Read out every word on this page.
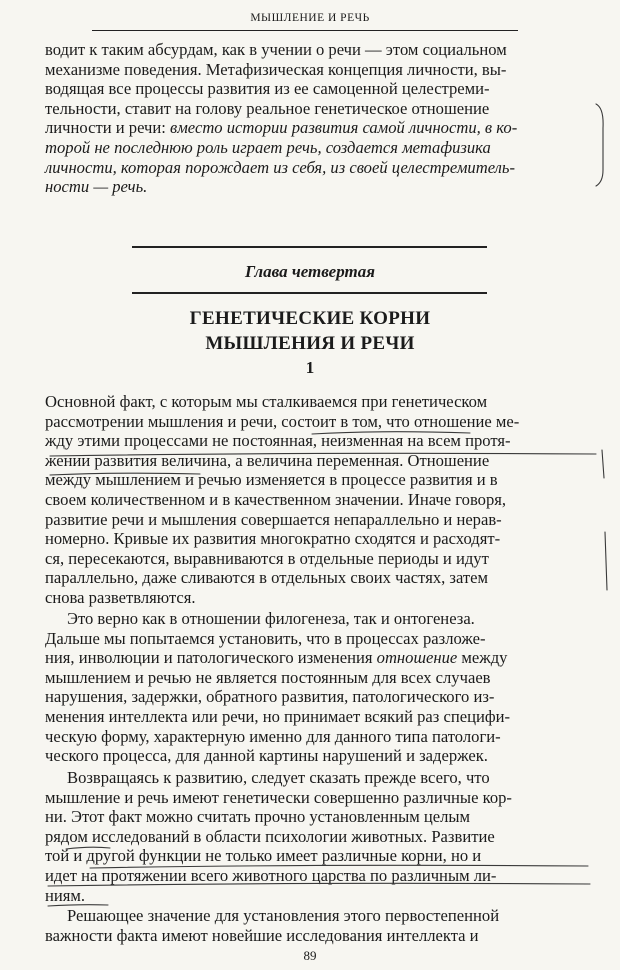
МЫШЛЕНИЕ И РЕЧЬ

водит к таким абсурдам, как в учении о речи — этом социальном

механизме поведения. Метафизическая концепция личности, вы-

водящая все процессы развития из ее самоценной целестреми-

тельности, ставит на голову реальное генетическое отношение

личности и речи: вместо истории развития самой личности, в ко-

торой не последнюю роль играет речь, создается метафизика

личности, которая порождает из себя, из своей целестремитель-

ности — речь.

Глава четвертая
ГЕНЕТИЧЕСКИЕ КОРНИ
МЫШЛЕНИЯ И РЕЧИ
1

Основной факт, с которым мы сталкиваемся при генетическом

рассмотрении мышления и речи, состоит в том, что отношение ме-

жду этими процессами не постоянная, неизменная на всем протя-

жении развития величина, а величина переменная. Отношение

между мышлением и речью изменяется в процессе развития и в

своем количественном и в качественном значении. Иначе говоря,

развитие речи и мышления совершается непараллельно и нерав-

номерно. Кривые их развития многократно сходятся и расходят-

ся, пересекаются, выравниваются в отдельные периоды и идут

параллельно, даже сливаются в отдельных своих частях, затем

снова разветвляются.

Это верно как в отношении филогенеза, так и онтогенеза.

Дальше мы попытаемся установить, что в процессах разложе-

ния, инволюции и патологического изменения отношение между

мышлением и речью не является постоянным для всех случаев

нарушения, задержки, обратного развития, патологического из-

менения интеллекта или речи, но принимает всякий раз специфи-

ческую форму, характерную именно для данного типа патологи-

ческого процесса, для данной картины нарушений и задержек.

Возвращаясь к развитию, следует сказать прежде всего, что

мышление и речь имеют генетически совершенно различные кор-

ни. Этот факт можно считать прочно установленным целым

рядом исследований в области психологии животных. Развитие

той и другой функции не только имеет различные корни, но и

идет на протяжении всего животного царства по различным ли-

ниям.

Решающее значение для установления этого первостепенной

важности факта имеют новейшие исследования интеллекта и

89
